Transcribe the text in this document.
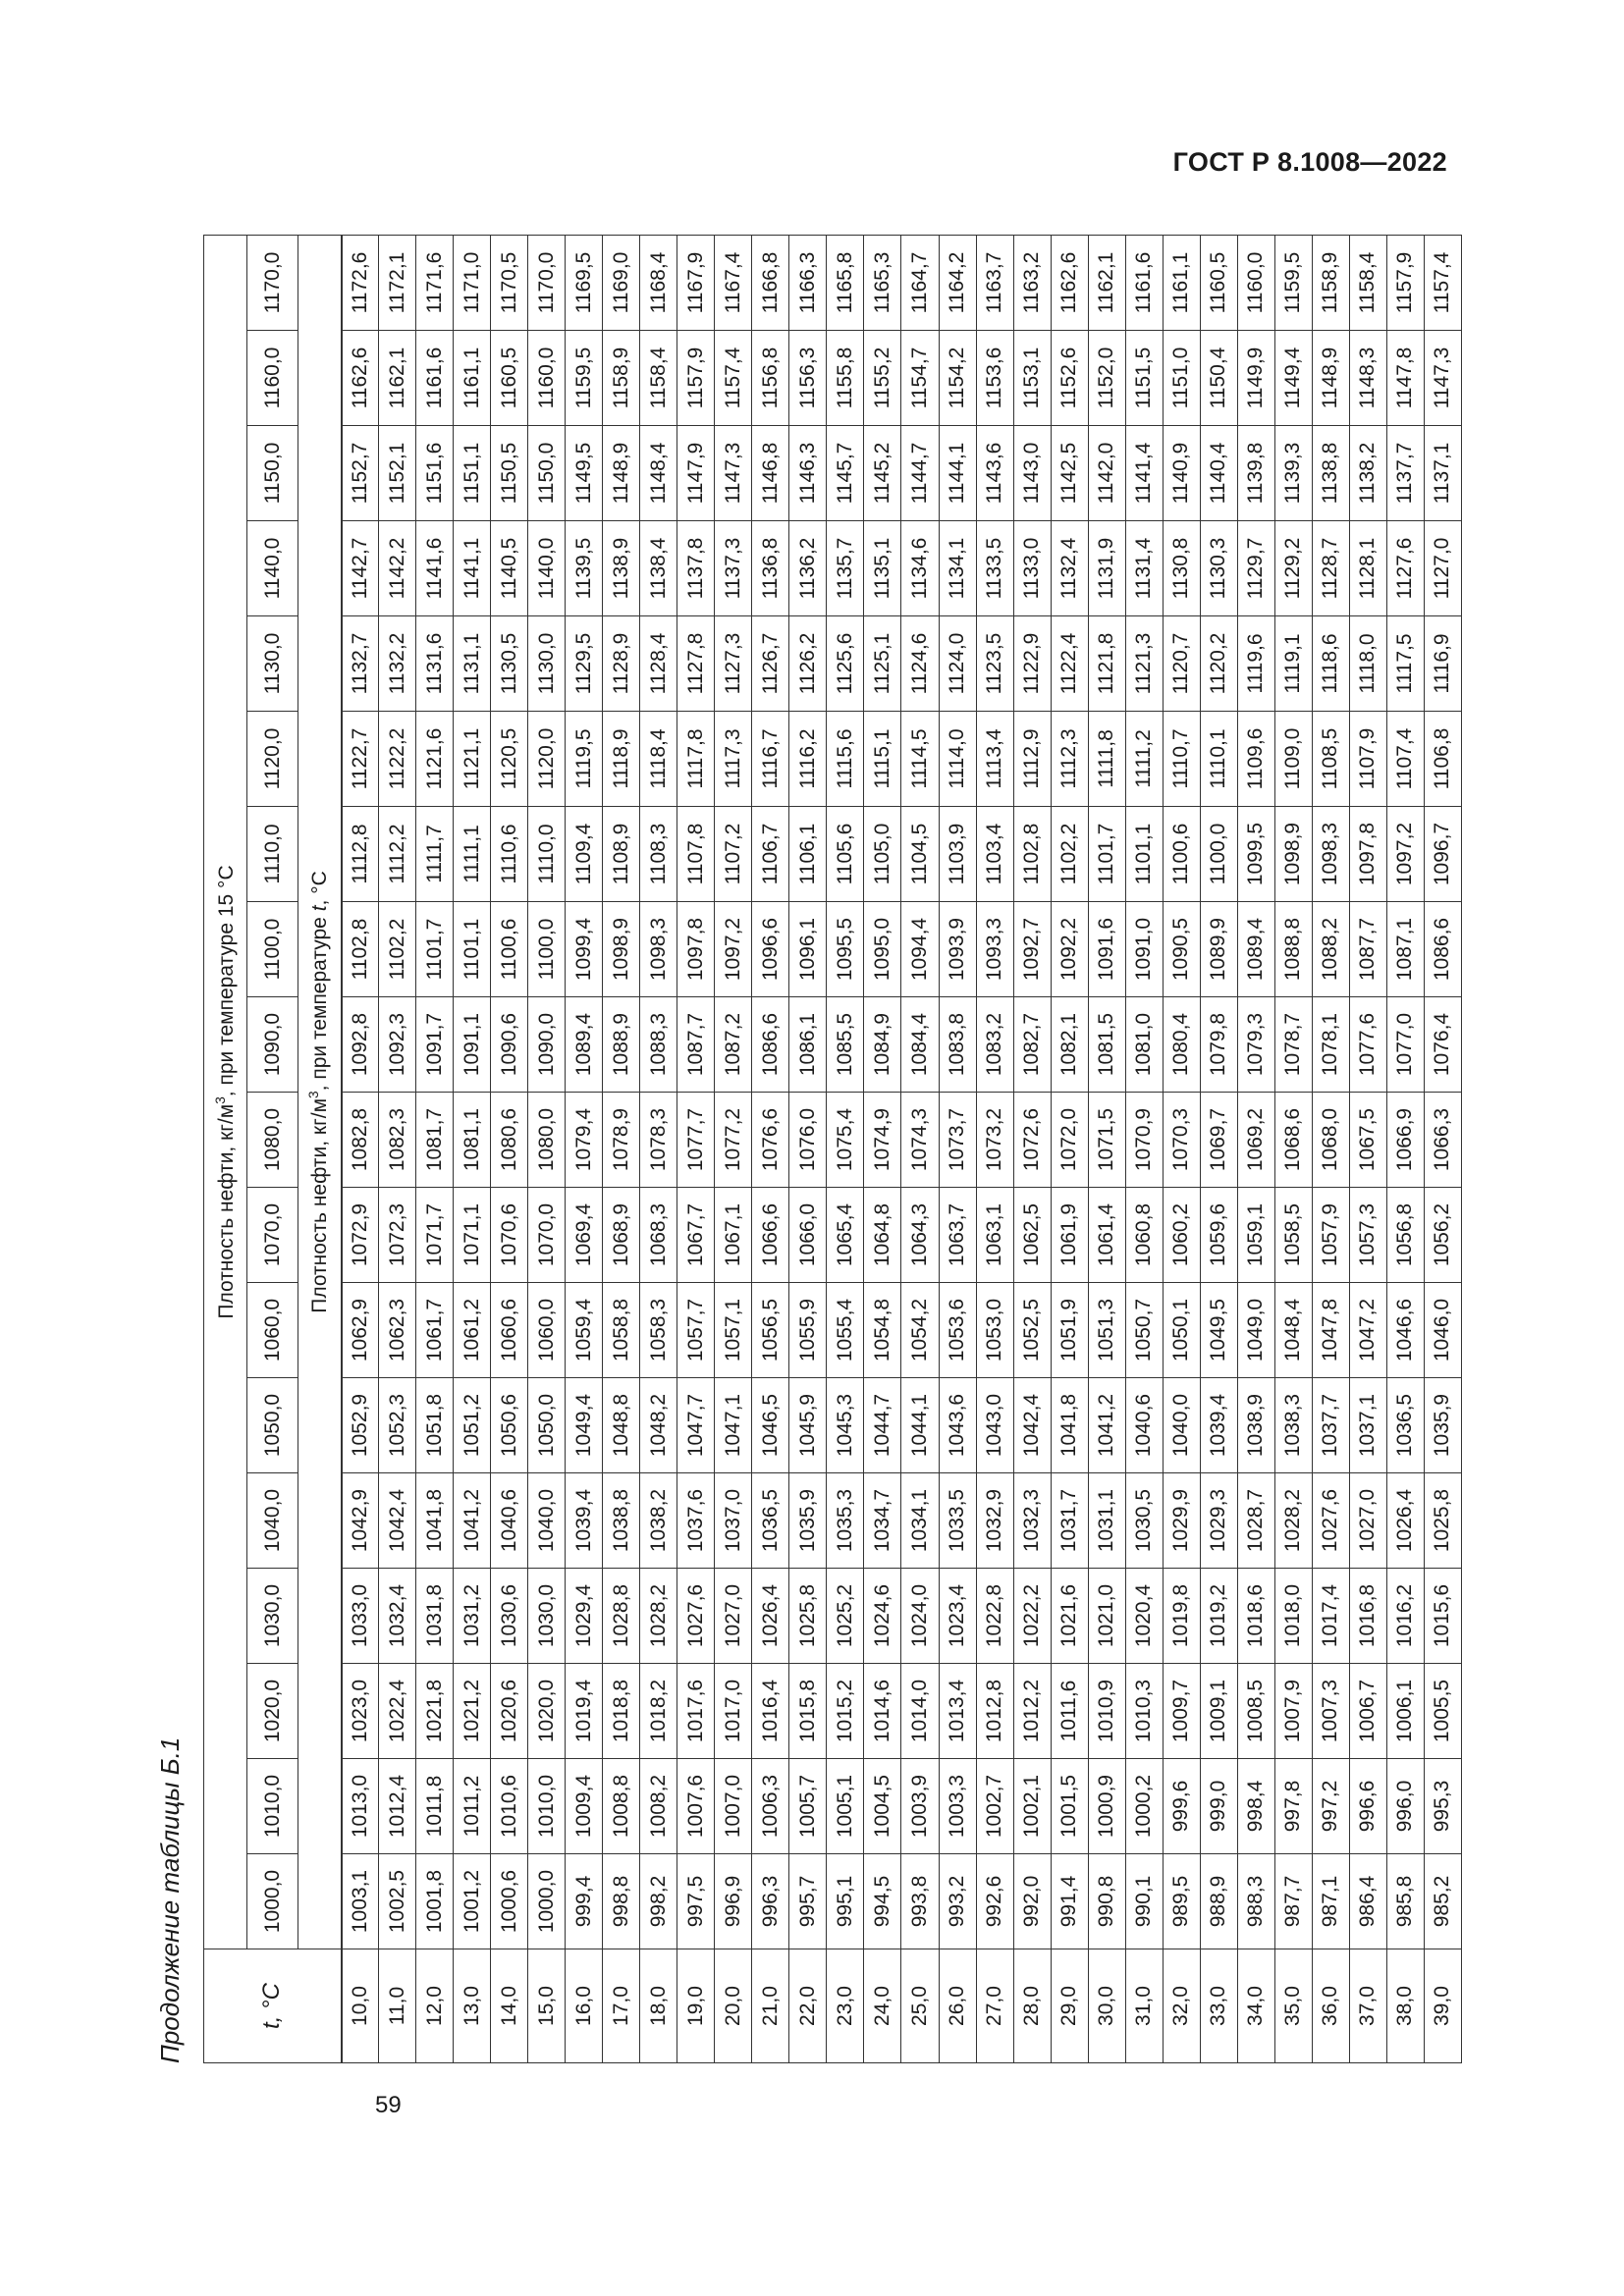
ГОСТ Р 8.1008—2022
59
Продолжение таблицы Б.1	t, °C	Плотность нефти, $кг/м^3$, при температуре 15 °С																	
	1000,0	1010,0	1020,0	1030,0	1040,0	1050,0	1060,0	1070,0	1080,0	1090,0	1100,0	1110,0	1120,0	1130,0	1140,0	1150,0	1160,0	1170,0
	Плотность нефти, $кг/м^3$, при температуре t, °С																	
10,0	1003,1	1013,0	1023,0	1033,0	1042,9	1052,9	1062,9	1072,9	1082,8	1092,8	1102,8	1112,8	1122,7	1132,7	1142,7	1152,7	1162,6	1172,6
11,0	1002,5	1012,4	1022,4	1032,4	1042,4	1052,3	1062,3	1072,3	1082,3	1092,3	1102,2	1112,2	1122,2	1132,2	1142,2	1152,1	1162,1	1172,1
12,0	1001,8	1011,8	1021,8	1031,8	1041,8	1051,8	1061,7	1071,7	1081,7	1091,7	1101,7	1111,7	1121,6	1131,6	1141,6	1151,6	1161,6	1171,6
13,0	1001,2	1011,2	1021,2	1031,2	1041,2	1051,2	1061,2	1071,1	1081,1	1091,1	1101,1	1111,1	1121,1	1131,1	1141,1	1151,1	1161,1	1171,0
14,0	1000,6	1010,6	1020,6	1030,6	1040,6	1050,6	1060,6	1070,6	1080,6	1090,6	1100,6	1110,6	1120,5	1130,5	1140,5	1150,5	1160,5	1170,5
15,0	1000,0	1010,0	1020,0	1030,0	1040,0	1050,0	1060,0	1070,0	1080,0	1090,0	1100,0	1110,0	1120,0	1130,0	1140,0	1150,0	1160,0	1170,0
16,0	999,4	1009,4	1019,4	1029,4	1039,4	1049,4	1059,4	1069,4	1079,4	1089,4	1099,4	1109,4	1119,5	1129,5	1139,5	1149,5	1159,5	1169,5
17,0	998,8	1008,8	1018,8	1028,8	1038,8	1048,8	1058,8	1068,9	1078,9	1088,9	1098,9	1108,9	1118,9	1128,9	1138,9	1148,9	1158,9	1169,0
18,0	998,2	1008,2	1018,2	1028,2	1038,2	1048,2	1058,3	1068,3	1078,3	1088,3	1098,3	1108,3	1118,4	1128,4	1138,4	1148,4	1158,4	1168,4
19,0	997,5	1007,6	1017,6	1027,6	1037,6	1047,7	1057,7	1067,7	1077,7	1087,7	1097,8	1107,8	1117,8	1127,8	1137,8	1147,9	1157,9	1167,9
20,0	996,9	1007,0	1017,0	1027,0	1037,0	1047,1	1057,1	1067,1	1077,2	1087,2	1097,2	1107,2	1117,3	1127,3	1137,3	1147,3	1157,4	1167,4
21,0	996,3	1006,3	1016,4	1026,4	1036,5	1046,5	1056,5	1066,6	1076,6	1086,6	1096,6	1106,7	1116,7	1126,7	1136,8	1146,8	1156,8	1166,8
22,0	995,7	1005,7	1015,8	1025,8	1035,9	1045,9	1055,9	1066,0	1076,0	1086,1	1096,1	1106,1	1116,2	1126,2	1136,2	1146,3	1156,3	1166,3
23,0	995,1	1005,1	1015,2	1025,2	1035,3	1045,3	1055,4	1065,4	1075,4	1085,5	1095,5	1105,6	1115,6	1125,6	1135,7	1145,7	1155,8	1165,8
24,0	994,5	1004,5	1014,6	1024,6	1034,7	1044,7	1054,8	1064,8	1074,9	1084,9	1095,0	1105,0	1115,1	1125,1	1135,1	1145,2	1155,2	1165,3
25,0	993,8	1003,9	1014,0	1024,0	1034,1	1044,1	1054,2	1064,3	1074,3	1084,4	1094,4	1104,5	1114,5	1124,6	1134,6	1144,7	1154,7	1164,7
26,0	993,2	1003,3	1013,4	1023,4	1033,5	1043,6	1053,6	1063,7	1073,7	1083,8	1093,9	1103,9	1114,0	1124,0	1134,1	1144,1	1154,2	1164,2
27,0	992,6	1002,7	1012,8	1022,8	1032,9	1043,0	1053,0	1063,1	1073,2	1083,2	1093,3	1103,4	1113,4	1123,5	1133,5	1143,6	1153,6	1163,7
28,0	992,0	1002,1	1012,2	1022,2	1032,3	1042,4	1052,5	1062,5	1072,6	1082,7	1092,7	1102,8	1112,9	1122,9	1133,0	1143,0	1153,1	1163,2
29,0	991,4	1001,5	1011,6	1021,6	1031,7	1041,8	1051,9	1061,9	1072,0	1082,1	1092,2	1102,2	1112,3	1122,4	1132,4	1142,5	1152,6	1162,6
30,0	990,8	1000,9	1010,9	1021,0	1031,1	1041,2	1051,3	1061,4	1071,5	1081,5	1091,6	1101,7	1111,8	1121,8	1131,9	1142,0	1152,0	1162,1
31,0	990,1	1000,2	1010,3	1020,4	1030,5	1040,6	1050,7	1060,8	1070,9	1081,0	1091,0	1101,1	1111,2	1121,3	1131,4	1141,4	1151,5	1161,6
32,0	989,5	999,6	1009,7	1019,8	1029,9	1040,0	1050,1	1060,2	1070,3	1080,4	1090,5	1100,6	1110,7	1120,7	1130,8	1140,9	1151,0	1161,1
33,0	988,9	999,0	1009,1	1019,2	1029,3	1039,4	1049,5	1059,6	1069,7	1079,8	1089,9	1100,0	1110,1	1120,2	1130,3	1140,4	1150,4	1160,5
34,0	988,3	998,4	1008,5	1018,6	1028,7	1038,9	1049,0	1059,1	1069,2	1079,3	1089,4	1099,5	1109,6	1119,6	1129,7	1139,8	1149,9	1160,0
35,0	987,7	997,8	1007,9	1018,0	1028,2	1038,3	1048,4	1058,5	1068,6	1078,7	1088,8	1098,9	1109,0	1119,1	1129,2	1139,3	1149,4	1159,5
36,0	987,1	997,2	1007,3	1017,4	1027,6	1037,7	1047,8	1057,9	1068,0	1078,1	1088,2	1098,3	1108,5	1118,6	1128,7	1138,8	1148,9	1158,9
37,0	986,4	996,6	1006,7	1016,8	1027,0	1037,1	1047,2	1057,3	1067,5	1077,6	1087,7	1097,8	1107,9	1118,0	1128,1	1138,2	1148,3	1158,4
38,0	985,8	996,0	1006,1	1016,2	1026,4	1036,5	1046,6	1056,8	1066,9	1077,0	1087,1	1097,2	1107,4	1117,5	1127,6	1137,7	1147,8	1157,9
39,0	985,2	995,3	1005,5	1015,6	1025,8	1035,9	1046,0	1056,2	1066,3	1076,4	1086,6	1096,7	1106,8	1116,9	1127,0	1137,1	1147,3	1157,4
